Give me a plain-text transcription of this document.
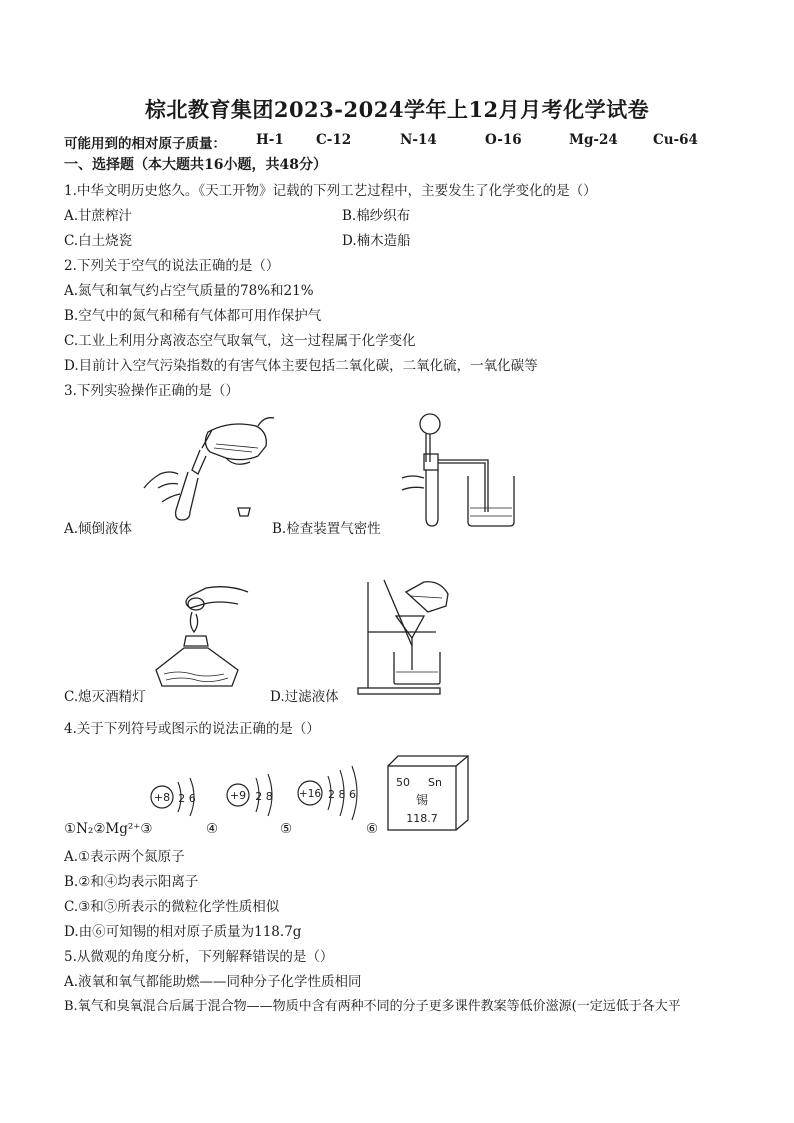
棕北教育集团2023-2024学年上12月月考化学试卷
可能用到的相对原子质量： H-1 C-12	N-14	O-16	Mg-24	Cu-64
一、选择题（本大题共16小题，共48分）
1.中华文明历史悠久。《天工开物》记载的下列工艺过程中，主要发生了化学变化的是（）
A.甘蔗榨汁	B.棉纱织布
C.白土烧瓷	D.楠木造船
2.下列关于空气的说法正确的是（）
A.氮气和氧气约占空气质量的78%和21%
B.空气中的氮气和稀有气体都可用作保护气
C.工业上利用分离液态空气取氧气，这一过程属于化学变化
D.目前计入空气污染指数的有害气体主要包括二氧化碳，二氧化硫，一氧化碳等
3.下列实验操作正确的是（）
A.倾倒液体	B.检查装置气密性
C.熄灭酒精灯	D.过滤液体
4.关于下列符号或图示的说法正确的是（）
+8 2 6	+9 2 8 +16 2 8 6
50 Sn
锡
118.7
①N₂②Mg²⁺③	④	⑤	⑥
A.①表示两个氮原子
B.②和④均表示阳离子
C.③和⑤所表示的微粒化学性质相似
D.由⑥可知锡的相对原子质量为118.7g
5.从微观的角度分析，下列解释错误的是（）
A.液氧和氧气都能助燃——同种分子化学性质相同
B.氧气和臭氧混合后属于混合物——物质中含有两种不同的分子更多课件教案等低价滋源(一定远低于各大平
